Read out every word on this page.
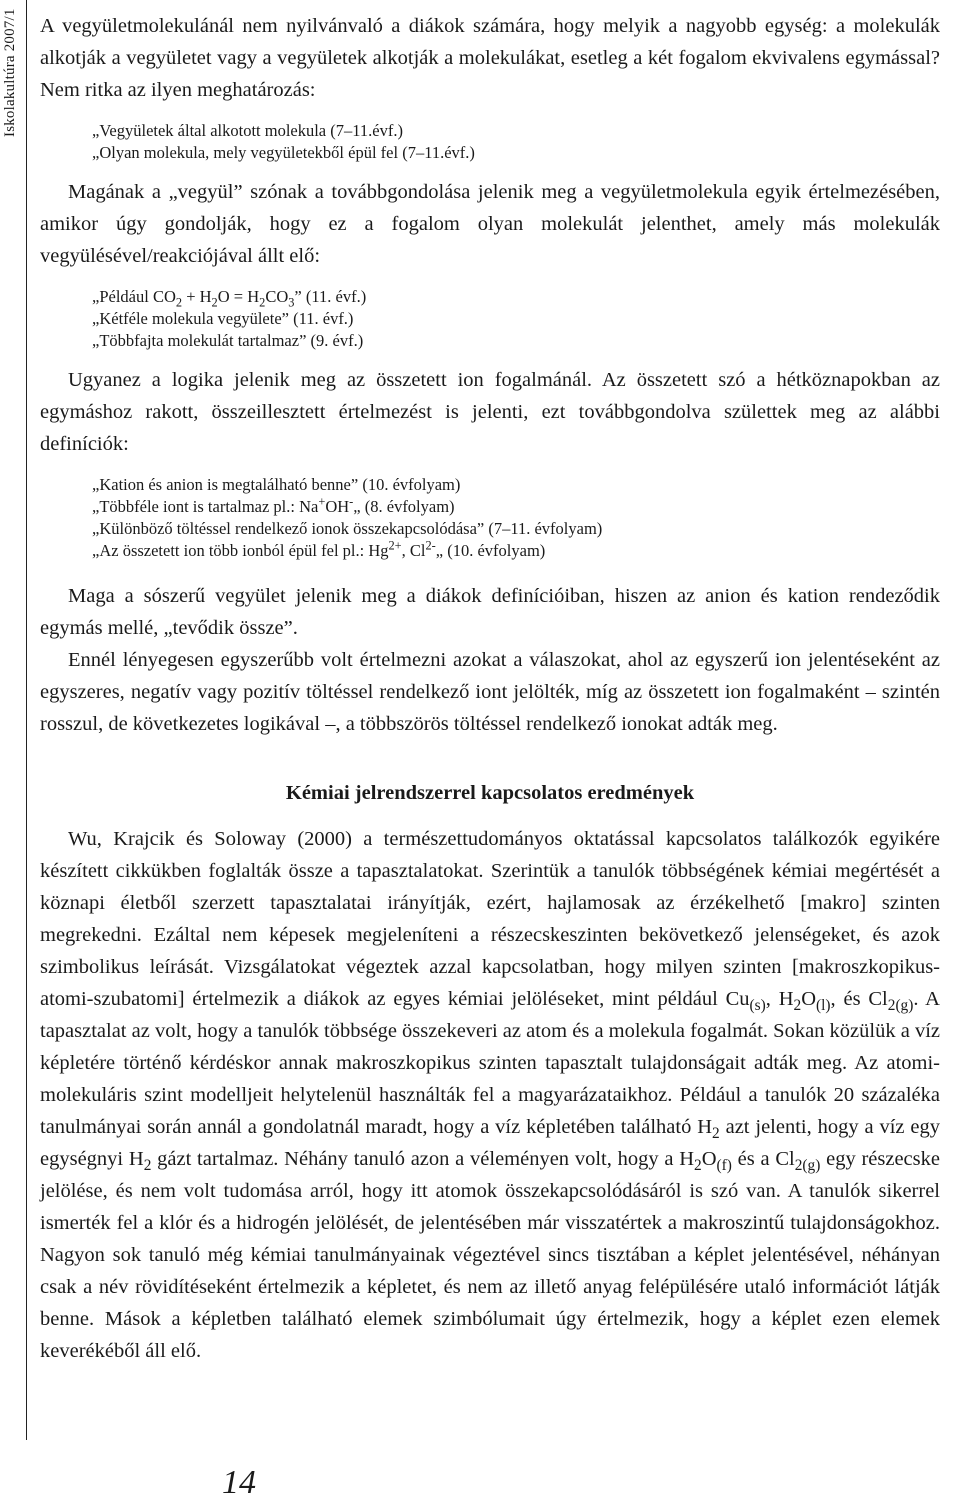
Iskolakultúra 2007/1 A vegyületmolekulánál nem nyilvánvaló a diákok számára, hogy melyik a nagyobb egység: a molekulák alkotják a vegyületet vagy a vegyületek alkotják a molekulákat, esetleg a két fogalom ekvivalens egymással? Nem ritka az ilyen meghatározás:

„Vegyületek által alkotott molekula (7–11.évf.)
„Olyan molekula, mely vegyületekből épül fel (7–11.évf.)

Magának a „vegyül” szónak a továbbgondolása jelenik meg a vegyületmolekula egyik értelmezésében, amikor úgy gondolják, hogy ez a fogalom olyan molekulát jelenthet, amely más molekulák vegyülésével/reakciójával állt elő:

„Például $CO_2 + H_2O = H_2CO_3$” (11. évf.)
„Kétféle molekula vegyülete” (11. évf.)
„Többfajta molekulát tartalmaz” (9. évf.)

Ugyanez a logika jelenik meg az összetett ion fogalmánál. Az összetett szó a hétköznapokban az egymáshoz rakott, összeillesztett értelmezést is jelenti, ezt továbbgondolva születtek meg az alábbi definíciók:

„Kation és anion is megtalálható benne” (10. évfolyam)
„Többféle iont is tartalmaz pl.: Na+OH-„ (8. évfolyam)
„Különböző töltéssel rendelkező ionok összekapcsolódása” (7–11. évfolyam)
„Az összetett ion több ionból épül fel pl.: $Hg^{2+}$, $Cl^{2-}„$ (10. évfolyam)

Maga a sószerű vegyület jelenik meg a diákok definícióiban, hiszen az anion és kation rendeződik egymás mellé, „tevődik össze”.

Ennél lényegesen egyszerűbb volt értelmezni azokat a válaszokat, ahol az egyszerű ion jelentéseként az egyszeres, negatív vagy pozitív töltéssel rendelkező iont jelölték, míg az összetett ion fogalmaként – szintén rosszul, de következetes logikával –, a többszörös töltéssel rendelkező ionokat adták meg.

Kémiai jelrendszerrel kapcsolatos eredmények

Wu, Krajcik és Soloway (2000) a természettudományos oktatással kapcsolatos találkozók egyikére készített cikkükben foglalták össze a tapasztalatokat. Szerintük a tanulók többségének kémiai megértését a köznapi életből szerzett tapasztalatai irányítják, ezért, hajlamosak az érzékelhető [makro] szinten megrekedni. Ezáltal nem képesek megjeleníteni a részecskeszinten bekövetkező jelenségeket, és azok szimbolikus leírását. Vizsgálatokat végeztek azzal kapcsolatban, hogy milyen szinten [makroszkopikus-atomi-szubatomi] értelmezik a diákok az egyes kémiai jelöléseket, mint például $Cu_{(s)}$, $H_2O_{(l)}$, és $Cl_{2(g)}$. A tapasztalat az volt, hogy a tanulók többsége összekeveri az atom és a molekula fogalmát. Sokan közülük a víz képletére történő kérdéskor annak makroszkopikus szinten tapasztalt tulajdonságait adták meg. Az atomi-molekuláris szint modelljeit helytelenül használták fel a magyarázataikhoz. Például a tanulók 20 százaléka tanulmányai során annál a gondolatnál maradt, hogy a víz képletében található $H_2$ azt jelenti, hogy a víz egy egységnyi $H_2$ gázt tartalmaz. Néhány tanuló azon a véleményen volt, hogy a $H_2O_{(f)}$ és a $Cl_{2(g)}$ egy részecske jelölése, és nem volt tudomása arról, hogy itt atomok összekapcsolódásáról is szó van. A tanulók sikerrel ismerték fel a klór és a hidrogén jelölését, de jelentésében már visszatértek a makroszintű tulajdonságokhoz. Nagyon sok tanuló még kémiai tanulmányainak végeztével sincs tisztában a képlet jelentésével, néhányan csak a név rövidítéseként értelmezik a képletet, és nem az illető anyag felépülésére utaló információt látják benne. Mások a képletben található elemek szimbólumait úgy értelmezik, hogy a képlet ezen elemek keverékéből áll elő.

14
